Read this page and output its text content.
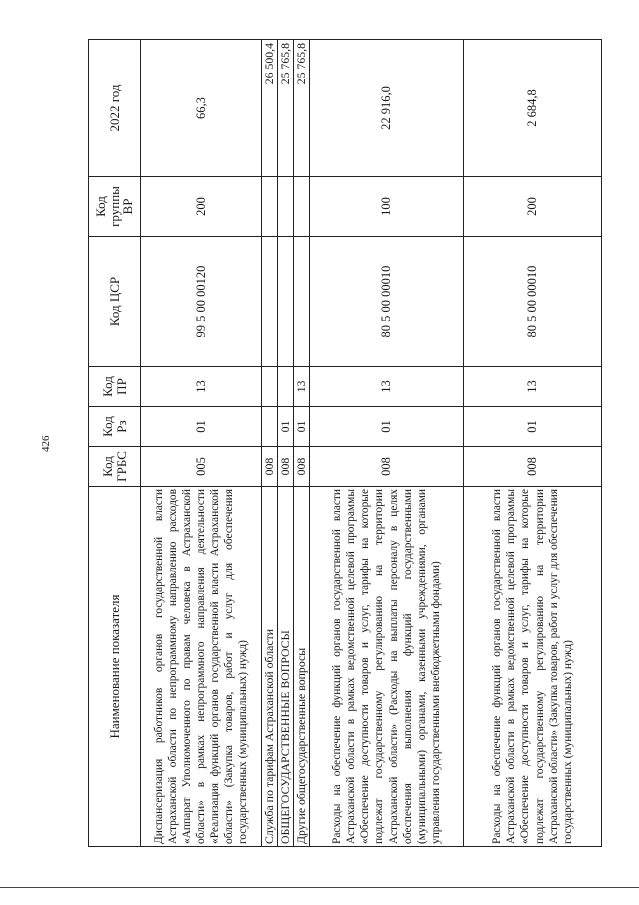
426
Наименование показателя	Код ГРБС	Код Рз	Код ПР	Код ЦСР	Код группы ВР	2022 год
Диспансеризация работников органов государственной власти Астраханской области по непрограммному направлению расходов «Аппарат Уполномоченного по правам человека в Астраханской области» в рамках непрограммного направления деятельности «Реализация функций органов государственной власти Астраханской области» (Закупка товаров, работ и услуг для обеспечения государственных (муниципальных) нужд)	005	01	13	99 5 00 00120	200	66,3
Служба по тарифам Астраханской области	008					26 500,4
ОБЩЕГОСУДАРСТВЕННЫЕ ВОПРОСЫ	008	01				25 765,8
Другие общегосударственные вопросы	008	01	13			25 765,8
Расходы на обеспечение функций органов государственной власти Астраханской области в рамках ведомственной целевой программы «Обеспечение доступности товаров и услуг, тарифы на которые подлежат государственному регулированию на территории Астраханской области» (Расходы на выплаты персоналу в целях обеспечения выполнения функций государственными (муниципальными) органами, казенными учреждениями, органами управления государственными внебюджетными фондами)	008	01	13	80 5 00 00010	100	22 916,0
Расходы на обеспечение функций органов государственной власти Астраханской области в рамках ведомственной целевой программы «Обеспечение доступности товаров и услуг, тарифы на которые подлежат государственному регулированию на территории Астраханской области» (Закупка товаров, работ и услуг для обеспечения государственных (муниципальных) нужд)	008	01	13	80 5 00 00010	200	2 684,8
